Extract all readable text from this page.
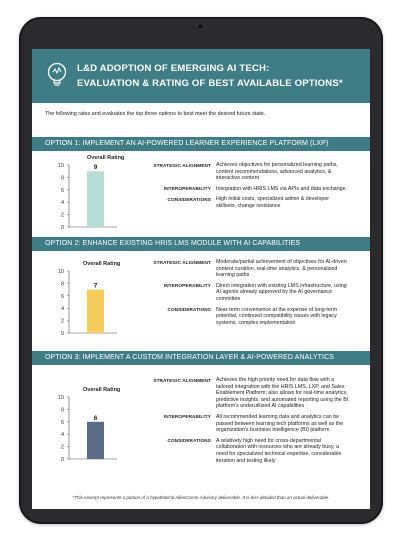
L&D ADOPTION OF EMERGING AI TECH:
EVALUATION & RATING OF BEST AVAILABLE OPTIONS*
The following rates and evaluates the top three options to best meet the desired future state.
OPTION 1: IMPLEMENT AN AI-POWERED LEARNER EXPERIENCE PLATFORM (LXP)
Overall Rating
0
2
4
6
8
10	9	STRATEGIC ALIGNMENT Achieves objectives for personalized learning paths, content recommendations, advanced analytics, & interactive content
INTEROPERABILITY Integration with HRIS LMS via APIs and data exchange.
CONSIDERATIONS High initial costs, specialized admin & developer skillsets, change resistance
OPTION 2: ENHANCE EXISTING HRIS LMS MODULE WITH AI CAPABILITIES
Overall Rating
0
2
4
6
8
10
7
STRATEGIC ALIGNMENT Moderate/partial achievement of objectives for AI-driven content curation, real-time analytics, & personalized learning paths
INTEROPERABILITY Direct integration with existing LMS infrastructure, using AI agents already approved by the AI governance committee
CONSIDERATIONS Near-term convenience at the expense of long-term potential, continued compatibility issues with legacy systems, complex implementation
OPTION 3: IMPLEMENT A CUSTOM INTEGRATION LAYER & AI-POWERED ANALYTICS
Overall Rating
0
2
4
6
8
10
6
STRATEGIC ALIGNMENT Achieves the high priority need for data flow with a tailored integration with the HRIS LMS, LXP, and Sales Enablement Platform; also allows for real-time analytics, predictive insights, and automated reporting using the BI platform's underutilized AI capabilities
INTEROPERABILITY All recommended learning data and analytics can be passed between learning tech platforms as well as the organization's business intelligence (BI) platform
CONSIDERATIONS A relatively high need for cross-departmental collaboration with resources who are already busy, a need for specialized technical expertise, considerable iteration and testing likely
*This excerpt represents a portion of a hypothetical AllenComm Advisory deliverable. It is less detailed than an actual deliverable.
